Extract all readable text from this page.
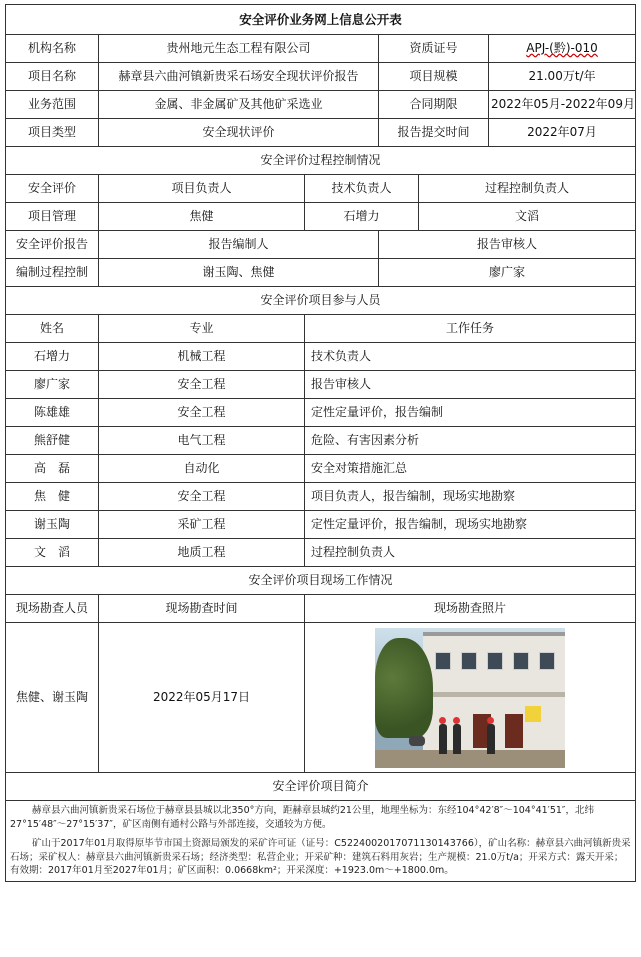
安全评价业务网上信息公开表					
机构名称	贵州地元生态工程有限公司		资质证号		APJ-(黔)-010
项目名称	赫章县六曲河镇新贵采石场安全现状评价报告		项目规模		21.00万t/年
业务范围	金属、非金属矿及其他矿采选业		合同期限		2022年05月-2022年09月
项目类型	安全现状评价		报告提交时间		2022年07月
安全评价过程控制情况					
安全评价	项目负责人	技术负责人		过程控制负责人	
项目管理	焦健	石增力		文滔	
安全评价报告	报告编制人		报告审核人		
编制过程控制	谢玉陶、焦健		廖广家		
安全评价项目参与人员					
姓名	专业	工作任务			
石增力	机械工程	技术负责人			
廖广家	安全工程	报告审核人			
陈雄雄	安全工程	定性定量评价，报告编制			
熊舒健	电气工程	危险、有害因素分析			
高　磊	自动化	安全对策措施汇总			
焦　健	安全工程	项目负责人，报告编制，现场实地勘察			
谢玉陶	采矿工程	定性定量评价，报告编制，现场实地勘察			
文　滔	地质工程	过程控制负责人			
安全评价项目现场工作情况					
现场勘查人员	现场勘查时间	现场勘查照片			
焦健、谢玉陶	2022年05月17日				

安全评价项目简介					

赫章县六曲河镇新贵采石场位于赫章县县城以北350°方向，距赫章县城约21公里，地理坐标为：东经104°42′8″～104°41′51″，北纬27°15′48″～27°15′37″，矿区南侧有通村公路与外部连接，交通较为方便。

矿山于2017年01月取得原毕节市国土资源局颁发的采矿许可证（证号：C5224002017071130143766），矿山名称：赫章县六曲河镇新贵采石场；采矿权人：赫章县六曲河镇新贵采石场；经济类型：私营企业；开采矿种：建筑石料用灰岩；生产规模：21.0万t/a；开采方式：露天开采；有效期：2017年01月至2027年01月；矿区面积：0.0668km²；开采深度：+1923.0m～+1800.0m。					
